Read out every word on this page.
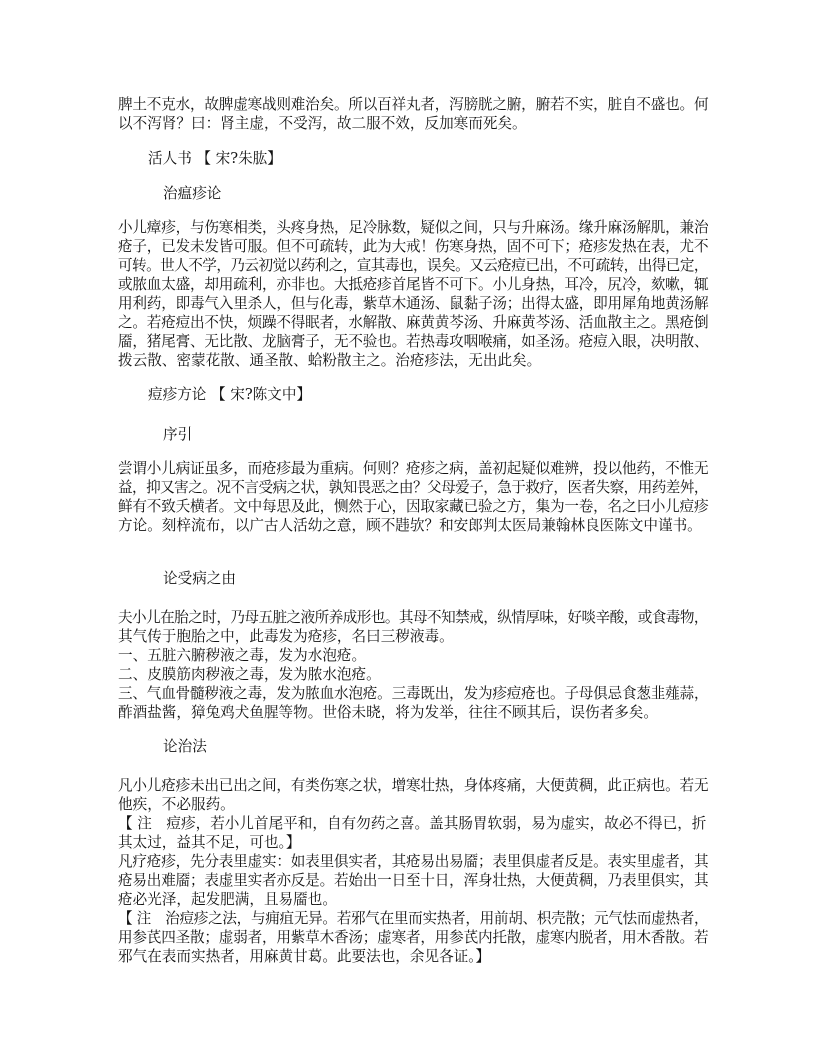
脾土不克水，故脾虚寒战则难治矣。所以百祥丸者，泻膀胱之腑，腑若不实，脏自不盛也。何
以不泻肾？曰：肾主虚，不受泻，故二服不效，反加寒而死矣。
活人书 【 宋?朱肱】
治瘟疹论
小儿瘴疹，与伤寒相类，头疼身热，足冷脉数，疑似之间，只与升麻汤。缘升麻汤解肌，兼治
疮子，已发未发皆可服。但不可疏转，此为大戒！伤寒身热，固不可下；疮疹发热在表，尤不
可转。世人不学，乃云初觉以药利之，宣其毒也，误矣。又云疮痘已出，不可疏转，出得已定，
或脓血太盛，却用疏利，亦非也。大抵疮疹首尾皆不可下。小儿身热，耳冷，尻冷，欬嗽，辄
用利药，即毒气入里杀人，但与化毒，紫草木通汤、鼠黏子汤；出得太盛，即用犀角地黄汤解
之。若疮痘出不快，烦躁不得眠者，水解散、麻黄黄芩汤、升麻黄芩汤、活血散主之。黑疮倒
靥，猪尾膏、无比散、龙脑膏子，无不验也。若热毒攻咽喉痛，如圣汤。疮痘入眼，决明散、
拨云散、密蒙花散、通圣散、蛤粉散主之。治疮疹法，无出此矣。
痘疹方论 【 宋?陈文中】
序引
尝谓小儿病证虽多，而疮疹最为重病。何则？疮疹之病，盖初起疑似难辨，投以他药，不惟无
益，抑又害之。况不言受病之状，孰知畏恶之由？父母爱子，急于救疗，医者失察，用药差舛，
鲜有不致夭横者。文中每思及此，恻然于心，因取家藏已验之方，集为一卷，名之曰小儿痘疹
方论。刻梓流布，以广古人活幼之意，顾不韪欤？和安郎判太医局兼翰林良医陈文中谨书。
论受病之由
夫小儿在胎之时，乃母五脏之液所养成形也。其母不知禁戒，纵情厚味，好啖辛酸，或食毒物，
其气传于胞胎之中，此毒发为疮疹，名曰三秽液毒。
一、五脏六腑秽液之毒，发为水泡疮。
二、皮膜筋肉秽液之毒，发为脓水泡疮。
三、气血骨髓秽液之毒，发为脓血水泡疮。三毒既出，发为疹痘疮也。子母俱忌食葱韭薤蒜，
酢酒盐酱，獐兔鸡犬鱼腥等物。世俗未晓，将为发举，往往不顾其后，误伤者多矣。
论治法
凡小儿疮疹未出已出之间，有类伤寒之状，增寒壮热，身体疼痛，大便黄稠，此正病也。若无
他疾，不必服药。
【 注　痘疹，若小儿首尾平和，自有勿药之喜。盖其肠胃软弱，易为虚实，故必不得已，折
其太过，益其不足，可也。】
凡疗疮疹，先分表里虚实：如表里俱实者，其疮易出易靥；表里俱虚者反是。表实里虚者，其
疮易出难靥；表虚里实者亦反是。若始出一日至十日，浑身壮热，大便黄稠，乃表里俱实，其
疮必光泽，起发肥满，且易靥也。
【 注　治痘疹之法，与痈疽无异。若邪气在里而实热者，用前胡、枳壳散；元气怯而虚热者，
用参芪四圣散；虚弱者，用紫草木香汤；虚寒者，用参芪内托散，虚寒内脱者，用木香散。若
邪气在表而实热者，用麻黄甘葛。此要法也，余见各证。】
